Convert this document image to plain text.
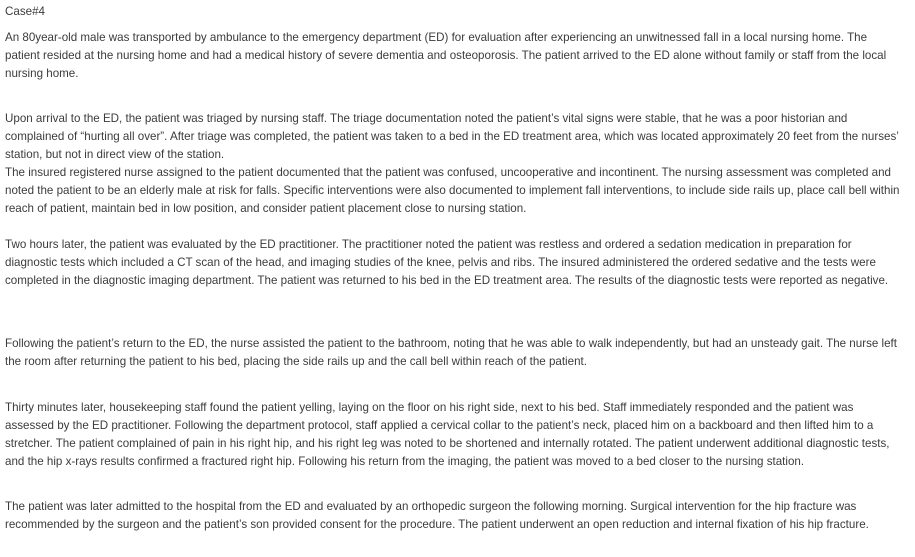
Case#4

An 80year-old male was transported by ambulance to the emergency department (ED) for evaluation after experiencing an unwitnessed fall in a local nursing home. The patient resided at the nursing home and had a medical history of severe dementia and osteoporosis. The patient arrived to the ED alone without family or staff from the local nursing home.

Upon arrival to the ED, the patient was triaged by nursing staff. The triage documentation noted the patient’s vital signs were stable, that he was a poor historian and complained of “hurting all over”. After triage was completed, the patient was taken to a bed in the ED treatment area, which was located approximately 20 feet from the nurses’ station, but not in direct view of the station.

The insured registered nurse assigned to the patient documented that the patient was confused, uncooperative and incontinent. The nursing assessment was completed and noted the patient to be an elderly male at risk for falls. Specific interventions were also documented to implement fall interventions, to include side rails up, place call bell within reach of patient, maintain bed in low position, and consider patient placement close to nursing station.

Two hours later, the patient was evaluated by the ED practitioner. The practitioner noted the patient was restless and ordered a sedation medication in preparation for diagnostic tests which included a CT scan of the head, and imaging studies of the knee, pelvis and ribs. The insured administered the ordered sedative and the tests were completed in the diagnostic imaging department. The patient was returned to his bed in the ED treatment area. The results of the diagnostic tests were reported as negative.

Following the patient’s return to the ED, the nurse assisted the patient to the bathroom, noting that he was able to walk independently, but had an unsteady gait. The nurse left the room after returning the patient to his bed, placing the side rails up and the call bell within reach of the patient.

Thirty minutes later, housekeeping staff found the patient yelling, laying on the floor on his right side, next to his bed. Staff immediately responded and the patient was assessed by the ED practitioner. Following the department protocol, staff applied a cervical collar to the patient’s neck, placed him on a backboard and then lifted him to a stretcher. The patient complained of pain in his right hip, and his right leg was noted to be shortened and internally rotated. The patient underwent additional diagnostic tests, and the hip x-rays results confirmed a fractured right hip. Following his return from the imaging, the patient was moved to a bed closer to the nursing station.

The patient was later admitted to the hospital from the ED and evaluated by an orthopedic surgeon the following morning. Surgical intervention for the hip fracture was recommended by the surgeon and the patient’s son provided consent for the procedure. The patient underwent an open reduction and internal fixation of his hip fracture.
